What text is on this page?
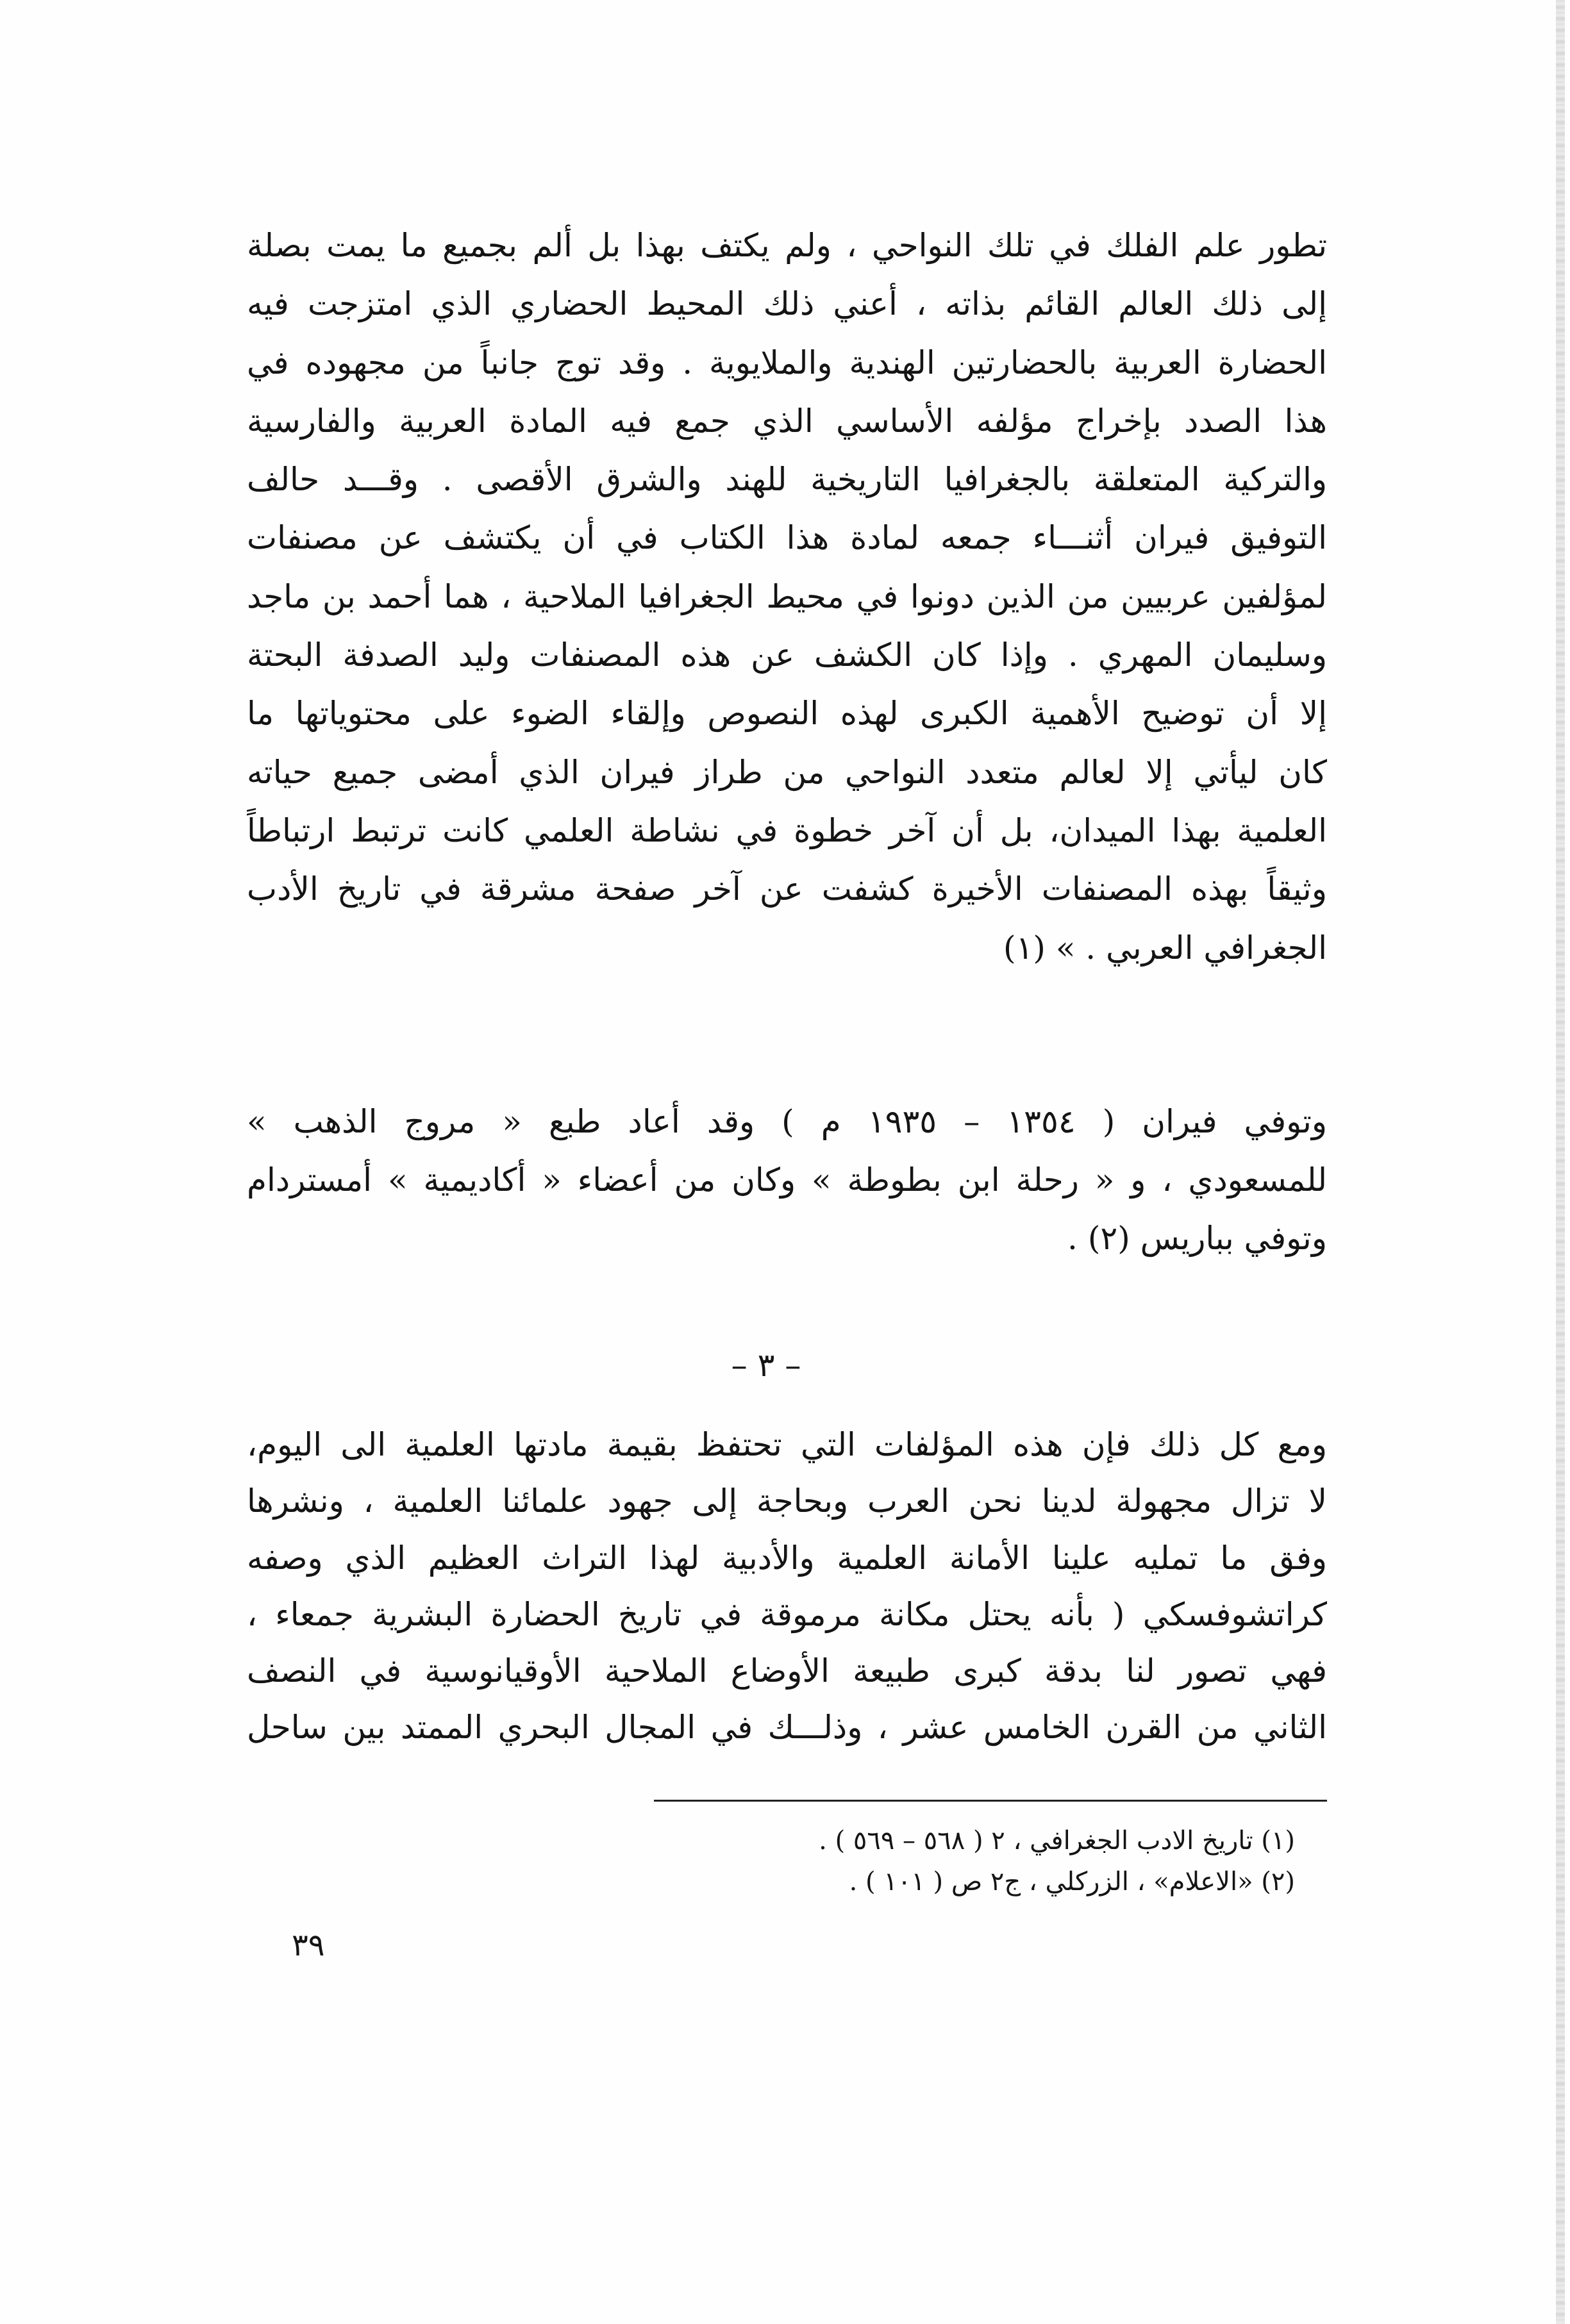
تطور علم الفلك في تلك النواحي ، ولم يكتف بهذا بل ألم بجميع ما يمت بصلة
إلى ذلك العالم القائم بذاته ، أعني ذلك المحيط الحضاري الذي امتزجت فيه
الحضارة العربية بالحضارتين الهندية والملايوية . وقد توج جانباً من مجهوده في
هذا الصدد بإخراج مؤلفه الأساسي الذي جمع فيه المادة العربية والفارسية
والتركية المتعلقة بالجغرافيا التاريخية للهند والشرق الأقصى . وقـــد حالف
التوفيق فيران أثنـــاء جمعه لمادة هذا الكتاب في أن يكتشف عن مصنفات
لمؤلفين عربيين من الذين دونوا في محيط الجغرافيا الملاحية ، هما أحمد بن ماجد
وسليمان المهري . وإذا كان الكشف عن هذه المصنفات وليد الصدفة البحتة
إلا أن توضيح الأهمية الكبرى لهذه النصوص وإلقاء الضوء على محتوياتها ما
كان ليأتي إلا لعالم متعدد النواحي من طراز فيران الذي أمضى جميع حياته
العلمية بهذا الميدان، بل أن آخر خطوة في نشاطة العلمي كانت ترتبط ارتباطاً
وثيقاً بهذه المصنفات الأخيرة كشفت عن آخر صفحة مشرقة في تاريخ الأدب
الجغرافي العربي . » (١)
وتوفي فيران ( ١٣٥٤ – ١٩٣٥ م ) وقد أعاد طبع « مروج الذهب »
للمسعودي ، و « رحلة ابن بطوطة » وكان من أعضاء « أكاديمية » أمستردام
وتوفي بباريس (٢) .
– ٣ –
ومع كل ذلك فإن هذه المؤلفات التي تحتفظ بقيمة مادتها العلمية الى اليوم،
لا تزال مجهولة لدينا نحن العرب وبحاجة إلى جهود علمائنا العلمية ، ونشرها
وفق ما تمليه علينا الأمانة العلمية والأدبية لهذا التراث العظيم الذي وصفه
كراتشوفسكي ( بأنه يحتل مكانة مرموقة في تاريخ الحضارة البشرية جمعاء ،
فهي تصور لنا بدقة كبرى طبيعة الأوضاع الملاحية الأوقيانوسية في النصف
الثاني من القرن الخامس عشر ، وذلـــك في المجال البحري الممتد بين ساحل
(١) تاريخ الادب الجغرافي ، ٢ ( ٥٦٨ – ٥٦٩ ) .
(٢) «الاعلام» ، الزركلي ، ج٢ ص ( ١٠١ ) .
٣٩
